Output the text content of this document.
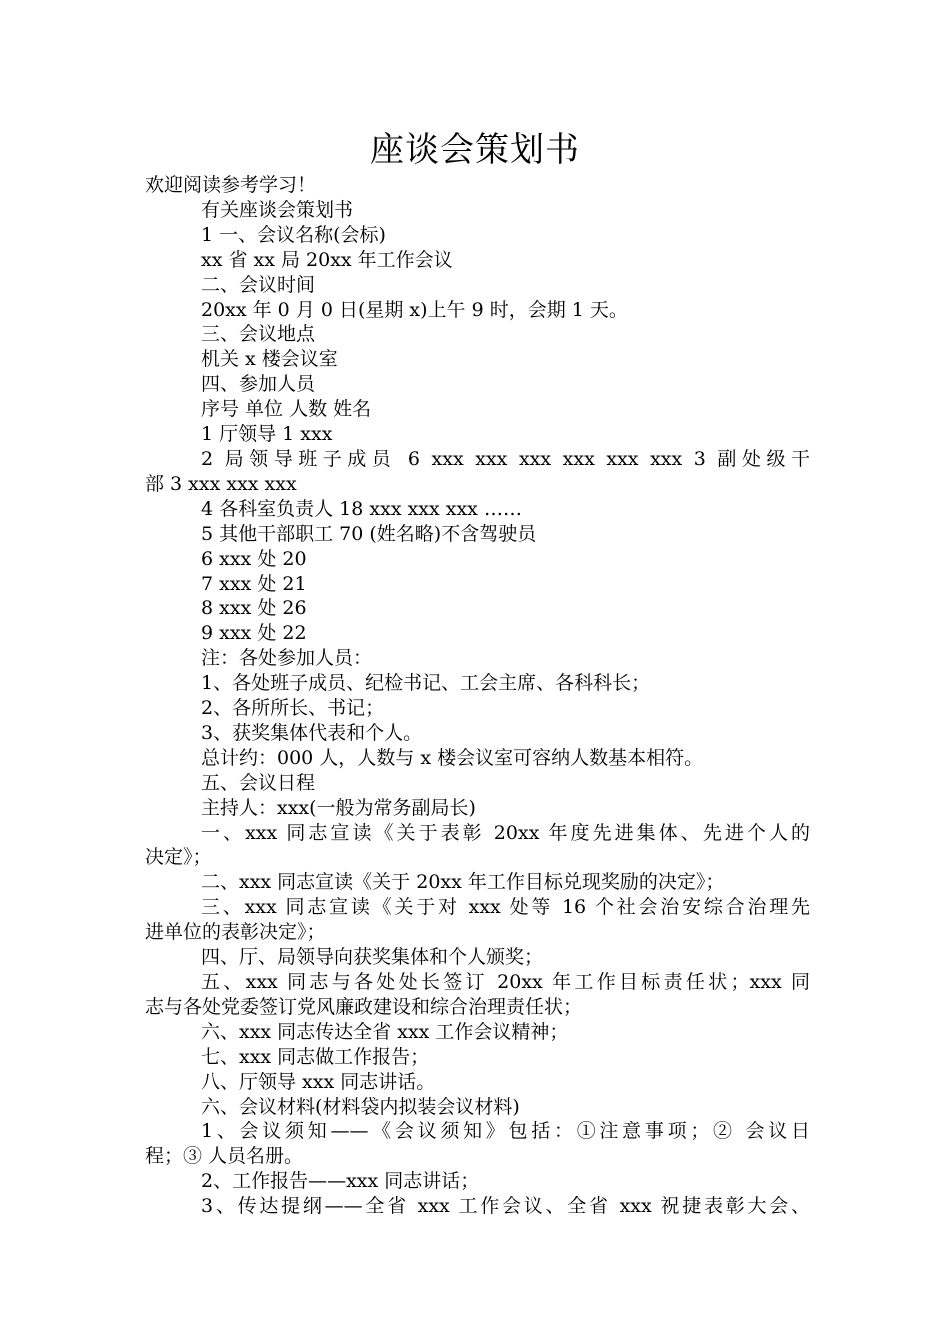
座谈会策划书
欢迎阅读参考学习！
有关座谈会策划书
1 一、会议名称(会标)
xx 省 xx 局 20xx 年工作会议
二、会议时间
20xx 年 0 月 0 日(星期 x)上午 9 时，会期 1 天。
三、会议地点
机关 x 楼会议室
四、参加人员
序号 单位 人数 姓名
1 厅领导 1 xxx
2 局领导班子成员 6 xxx xxx xxx xxx xxx xxx 3 副处级干
部 3 xxx xxx xxx
4 各科室负责人 18 xxx xxx xxx ……
5 其他干部职工 70 (姓名略)不含驾驶员
6 xxx 处 20
7 xxx 处 21
8 xxx 处 26
9 xxx 处 22
注：各处参加人员：
1、各处班子成员、纪检书记、工会主席、各科科长；
2、各所所长、书记；
3、获奖集体代表和个人。
总计约：000 人，人数与 x 楼会议室可容纳人数基本相符。
五、会议日程
主持人：xxx(一般为常务副局长)
一、xxx 同志宣读《关于表彰 20xx 年度先进集体、先进个人的
决定》；
二、xxx 同志宣读《关于 20xx 年工作目标兑现奖励的决定》；
三、xxx 同志宣读《关于对 xxx 处等 16 个社会治安综合治理先
进单位的表彰决定》；
四、厅、局领导向获奖集体和个人颁奖；
五、xxx 同志与各处处长签订 20xx 年工作目标责任状；xxx 同
志与各处党委签订党风廉政建设和综合治理责任状；
六、xxx 同志传达全省 xxx 工作会议精神；
七、xxx 同志做工作报告；
八、厅领导 xxx 同志讲话。
六、会议材料(材料袋内拟装会议材料)
1、会议须知——《会议须知》包括：①注意事项；② 会议日
程；③ 人员名册。
2、工作报告——xxx 同志讲话；
3、传达提纲——全省 xxx 工作会议、全省 xxx 祝捷表彰大会、
